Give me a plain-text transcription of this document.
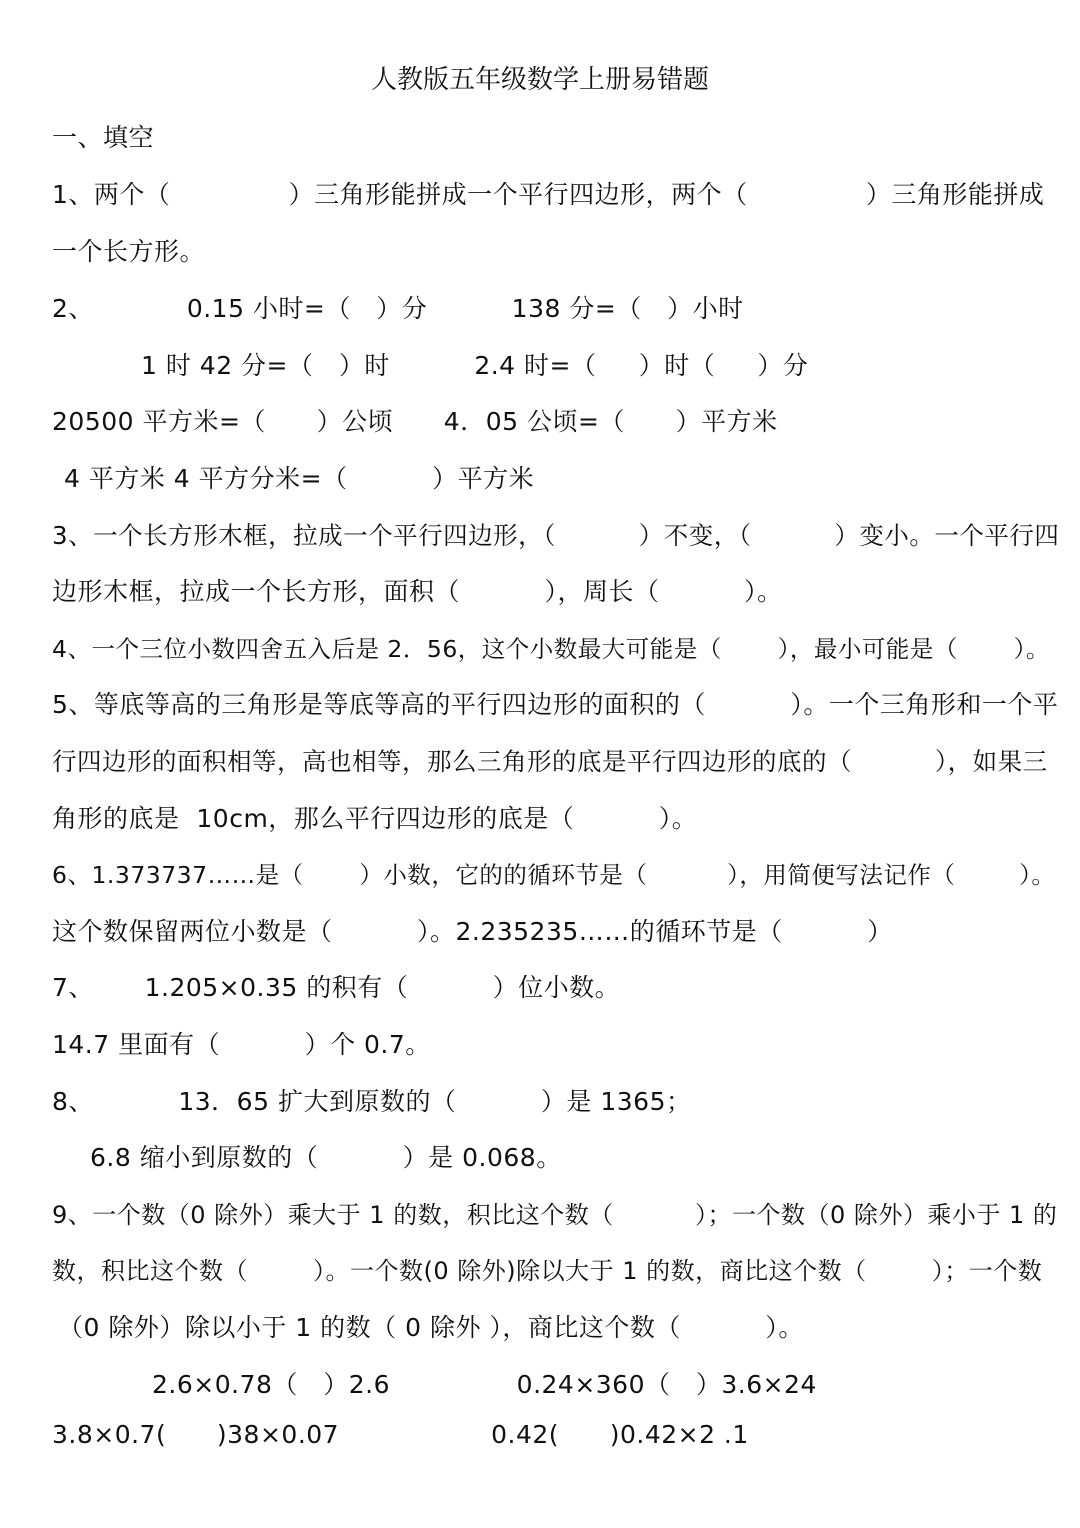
人教版五年级数学上册易错题
一、填空
1、两个（              ）三角形能拼成一个平行四边形，两个（              ）三角形能拼成
一个长方形。
2、           0.15 小时=（   ）分          138 分=（   ）小时
1 时 42 分=（   ）时          2.4 时=（     ）时（     ）分
20500 平方米=（      ）公顷      4．05 公顷=（      ）平方米
4 平方米 4 平方分米=（          ）平方米
3、一个长方形木框，拉成一个平行四边形，（          ）不变，（          ）变小。一个平行四
边形木框，拉成一个长方形，面积（          ），周长（          ）。
4、一个三位小数四舍五入后是 2．56，这个小数最大可能是（       ），最小可能是（       ）。
5、等底等高的三角形是等底等高的平行四边形的面积的（          ）。一个三角形和一个平
行四边形的面积相等，高也相等，那么三角形的底是平行四边形的底的（          ），如果三
角形的底是  10cm，那么平行四边形的底是（          ）。
6、1.373737……是（       ）小数，它的的循环节是（          ），用简便写法记作（        ）。
这个数保留两位小数是（          ）。2.235235……的循环节是（          ）
7、      1.205×0.35 的积有（          ）位小数。
14.7 里面有（          ）个 0.7。
8、          13．65 扩大到原数的（          ）是 1365；
6.8 缩小到原数的（          ）是 0.068。
9、一个数（0 除外）乘大于 1 的数，积比这个数（          ）；一个数（0 除外）乘小于 1 的
数，积比这个数（        ）。一个数(0 除外)除以大于 1 的数，商比这个数（        ）；一个数
（0 除外）除以小于 1 的数（ 0 除外 ），商比这个数（          ）。
2.6×0.78（   ）2.6               0.24×360（   ）3.6×24
3.8×0.7(      )38×0.07                  0.42(      )0.42×2 .1
